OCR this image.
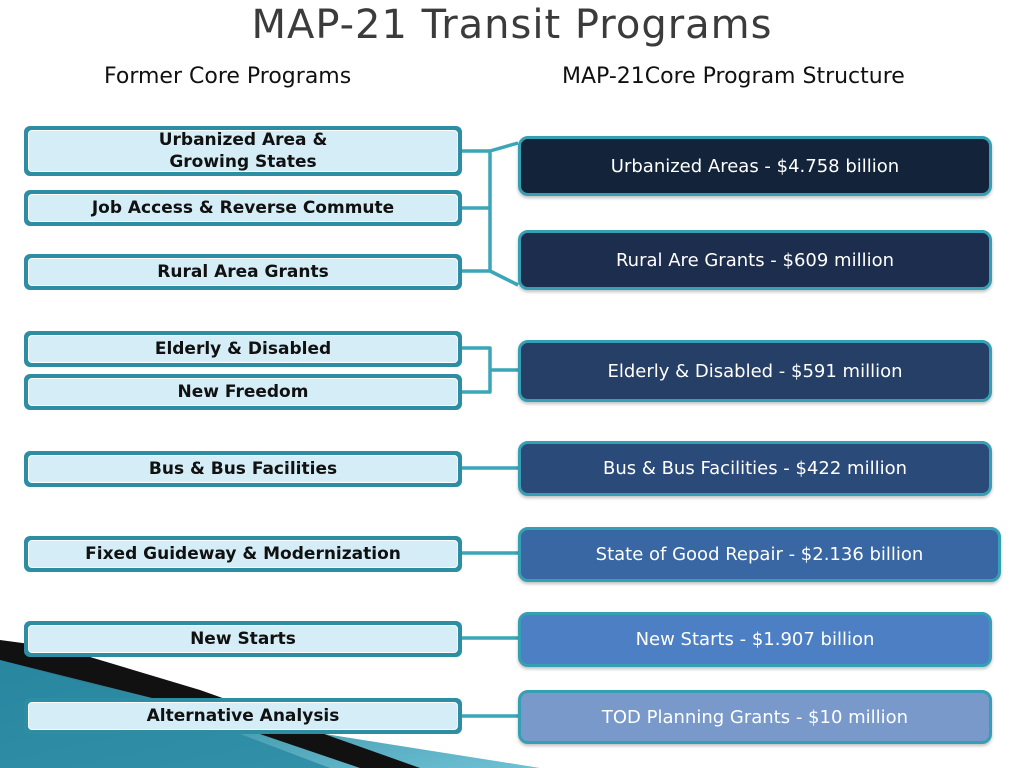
MAP-21 Transit Programs
Former Core Programs	MAP-21Core Program Structure
Urbanized Area &
Growing States
Job Access & Reverse Commute
Rural Area Grants
Elderly & Disabled
New Freedom
Bus & Bus Facilities
Fixed Guideway & Modernization
New Starts
Alternative Analysis
Urbanized Areas - $4.758 billion
Rural Are Grants - $609 million
Elderly & Disabled - $591 million
Bus & Bus Facilities - $422 million
State of Good Repair - $2.136 billion
New Starts - $1.907 billion
TOD Planning Grants - $10 million
